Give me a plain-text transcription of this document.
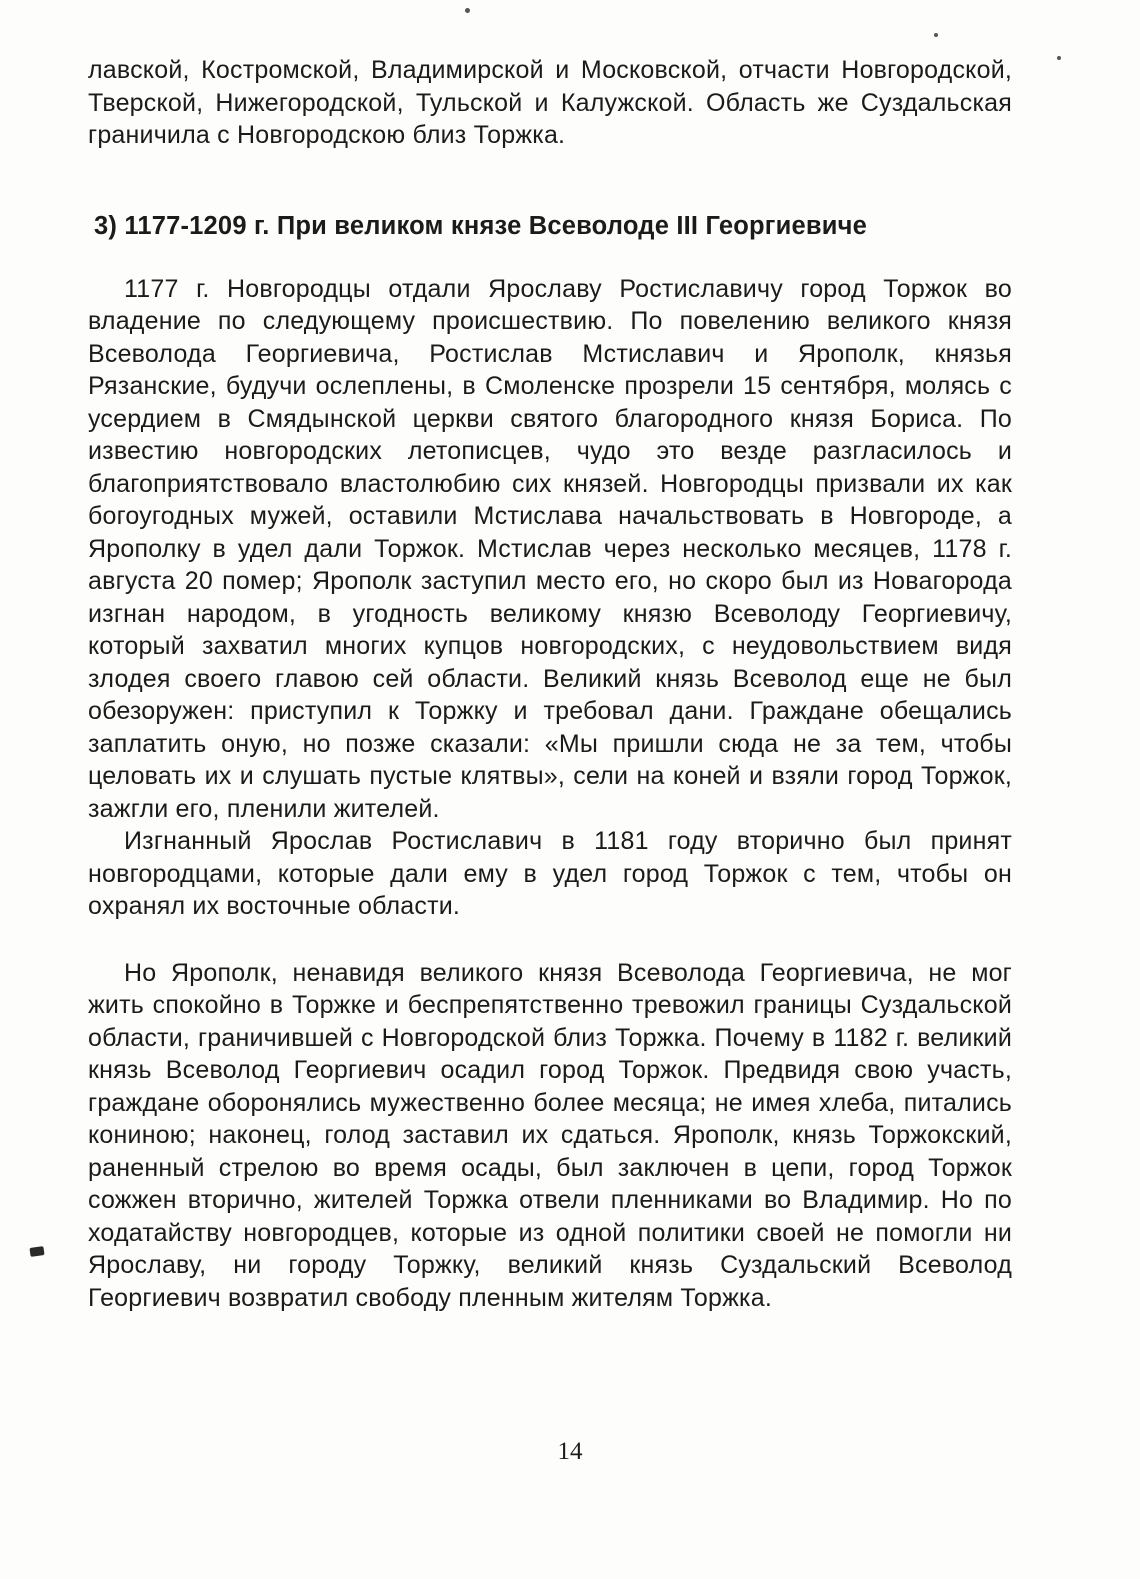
лавской, Костромской, Владимирской и Московской, отчасти Новгородской, Тверской, Нижегородской, Тульской и Калужской. Область же Суздальская граничила с Новгородскою близ Торжка.

3) 1177-1209 г. При великом князе Всеволоде III Георгиевиче

1177 г. Новгородцы отдали Ярославу Ростиславичу город Торжок во владение по следующему происшествию. По повелению великого князя Всеволода Георгиевича, Ростислав Мстиславич и Ярополк, князья Рязанские, будучи ослеплены, в Смоленске прозрели 15 сентября, молясь с усердием в Смядынской церкви святого благородного князя Бориса. По известию новгородских летописцев, чудо это везде разгласилось и благоприятствовало властолюбию сих князей. Новгородцы призвали их как богоугодных мужей, оставили Мстислава начальствовать в Новгороде, а Ярополку в удел дали Торжок. Мстислав через несколько месяцев, 1178 г. августа 20 помер; Ярополк заступил место его, но скоро был из Новагорода изгнан народом, в угодность великому князю Всеволоду Георгиевичу, который захватил многих купцов новгородских, с неудовольствием видя злодея своего главою сей области. Великий князь Всеволод еще не был обезоружен: приступил к Торжку и требовал дани. Граждане обещались заплатить оную, но позже сказали: «Мы пришли сюда не за тем, чтобы целовать их и слушать пустые клятвы», сели на коней и взяли город Торжок, зажгли его, пленили жителей.

Изгнанный Ярослав Ростиславич в 1181 году вторично был принят новгородцами, которые дали ему в удел город Торжок с тем, чтобы он охранял их восточные области.

Но Ярополк, ненавидя великого князя Всеволода Георгиевича, не мог жить спокойно в Торжке и беспрепятственно тревожил границы Суздальской области, граничившей с Новгородской близ Торжка. Почему в 1182 г. великий князь Всеволод Георгиевич осадил город Торжок. Предвидя свою участь, граждане оборонялись мужественно более месяца; не имея хлеба, питались кониною; наконец, голод заставил их сдаться. Ярополк, князь Торжокский, раненный стрелою во время осады, был заключен в цепи, город Торжок сожжен вторично, жителей Торжка отвели пленниками во Владимир. Но по ходатайству новгородцев, которые из одной политики своей не помогли ни Ярославу, ни городу Торжку, великий князь Суздальский Всеволод Георгиевич возвратил свободу пленным жителям Торжка.

14
